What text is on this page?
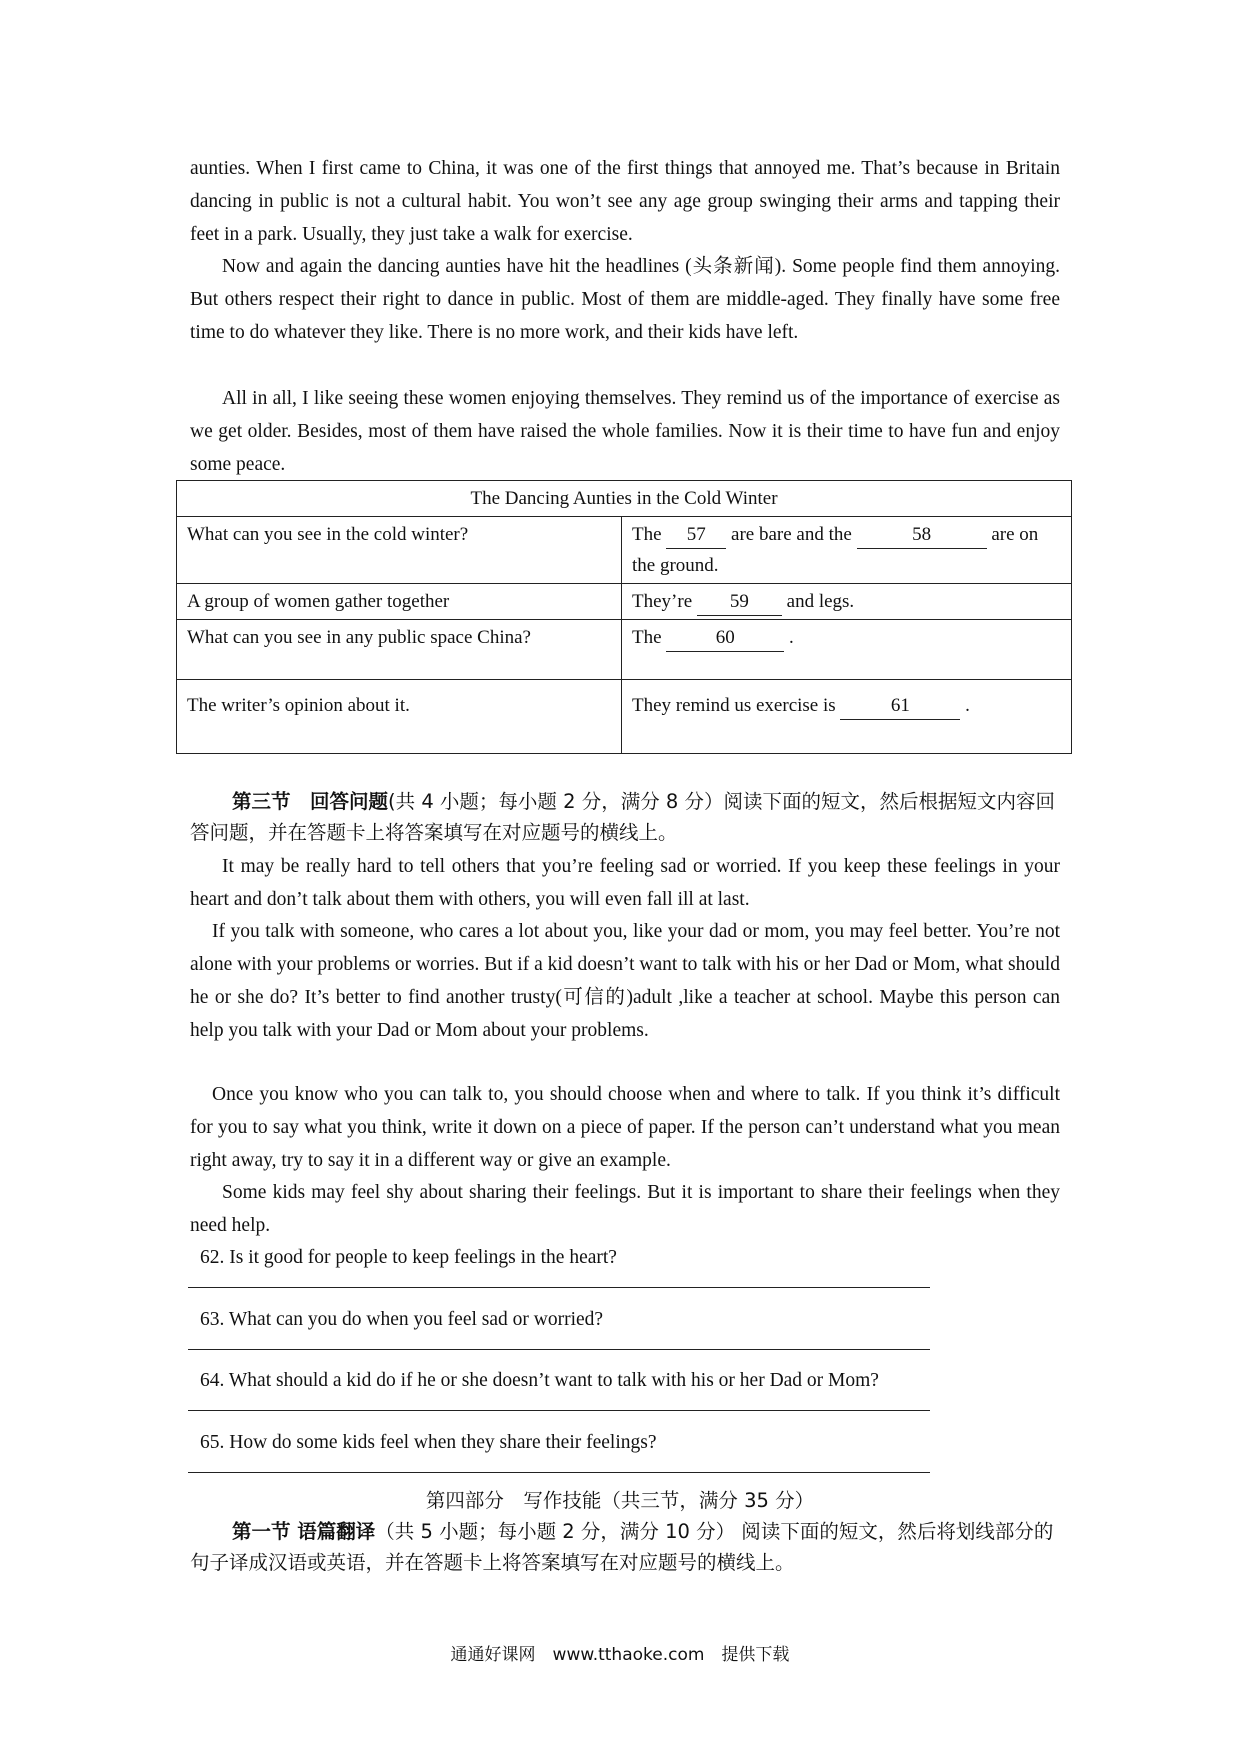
aunties. When I first came to China, it was one of the first things that annoyed me. That’s because in Britain dancing in public is not a cultural habit. You won’t see any age group swinging their arms and tapping their feet in a park. Usually, they just take a walk for exercise.

Now and again the dancing aunties have hit the headlines (头条新闻). Some people find them annoying. But others respect their right to dance in public. Most of them are middle-aged. They finally have some free time to do whatever they like. There is no more work, and their kids have left.

All in all, I like seeing these women enjoying themselves. They remind us of the importance of exercise as we get older. Besides, most of them have raised the whole families. Now it is their time to have fun and enjoy some peace.

The Dancing Aunties in the Cold Winter	
What can you see in the cold winter?	The 57 are bare and the 58 are on the ground.
A group of women gather together	They’re 59 and legs.
What can you see in any public space China?	The 60 .
The writer’s opinion about it.	They remind us exercise is 61 .
第三节　回答问题(共 4 小题；每小题 2 分，满分 8 分）阅读下面的短文，然后根据短文内容回答问题，并在答题卡上将答案填写在对应题号的横线上。

It may be really hard to tell others that you’re feeling sad or worried. If you keep these feelings in your heart and don’t talk about them with others, you will even fall ill at last.

If you talk with someone, who cares a lot about you, like your dad or mom, you may feel better. You’re not alone with your problems or worries. But if a kid doesn’t want to talk with his or her Dad or Mom, what should he or she do? It’s better to find another trusty(可信的)adult ,like a teacher at school. Maybe this person can help you talk with your Dad or Mom about your problems.

Once you know who you can talk to, you should choose when and where to talk. If you think it’s difficult for you to say what you think, write it down on a piece of paper. If the person can’t understand what you mean right away, try to say it in a different way or give an example.

Some kids may feel shy about sharing their feelings. But it is important to share their feelings when they need help.

62. Is it good for people to keep feelings in the heart?
63. What can you do when you feel sad or worried?
64. What should a kid do if he or she doesn’t want to talk with his or her Dad or Mom?
65. How do some kids feel when they share their feelings?
第四部分　写作技能（共三节，满分 35 分）
第一节 语篇翻译（共 5 小题；每小题 2 分，满分 10 分） 阅读下面的短文，然后将划线部分的句子译成汉语或英语，并在答题卡上将答案填写在对应题号的横线上。
通通好课网　www.tthaoke.com　提供下载
